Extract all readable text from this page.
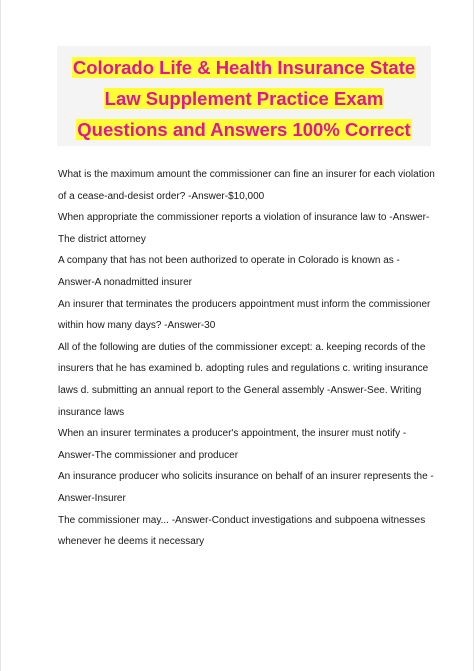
Colorado Life & Health Insurance State Law Supplement Practice Exam Questions and Answers 100% Correct

What is the maximum amount the commissioner can fine an insurer for each violation of a cease-and-desist order? -Answer-$10,000

When appropriate the commissioner reports a violation of insurance law to -Answer-The district attorney

A company that has not been authorized to operate in Colorado is known as -Answer-A nonadmitted insurer

An insurer that terminates the producers appointment must inform the commissioner within how many days? -Answer-30

All of the following are duties of the commissioner except: a. keeping records of the insurers that he has examined b. adopting rules and regulations c. writing insurance laws d. submitting an annual report to the General assembly -Answer-See. Writing insurance laws

When an insurer terminates a producer's appointment, the insurer must notify -Answer-The commissioner and producer

An insurance producer who solicits insurance on behalf of an insurer represents the -Answer-Insurer

The commissioner may... -Answer-Conduct investigations and subpoena witnesses whenever he deems it necessary
